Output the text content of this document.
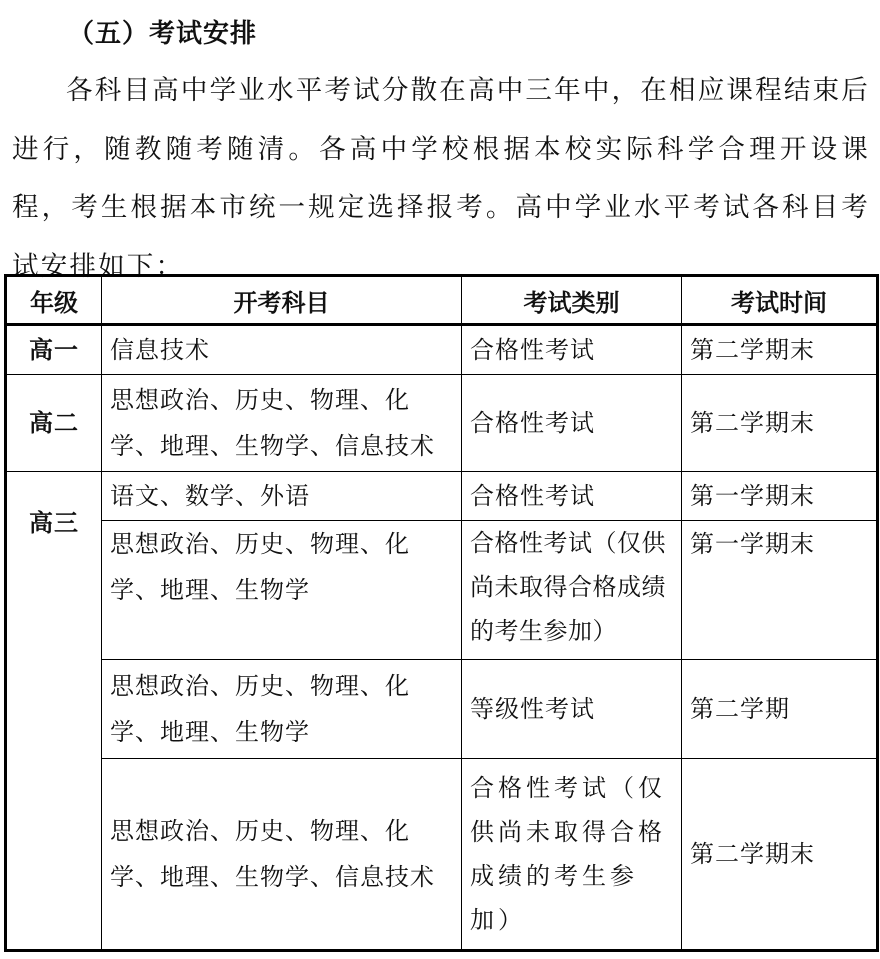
（五）考试安排

各科目高中学业水平考试分散在高中三年中，在相应课程结束后进行，随教随考随清。各高中学校根据本校实际科学合理开设课程，考生根据本市统一规定选择报考。高中学业水平考试各科目考试安排如下：

年级	开考科目	考试类别	考试时间
高一	信息技术	合格性考试	第二学期末
高二	思想政治、历史、物理、化学、地理、生物学、信息技术	合格性考试	第二学期末
高三	语文、数学、外语	合格性考试	第一学期末
	思想政治、历史、物理、化学、地理、生物学	合格性考试（仅供尚未取得合格成绩的考生参加）	第一学期末
	思想政治、历史、物理、化学、地理、生物学	等级性考试	第二学期
	思想政治、历史、物理、化学、地理、生物学、信息技术	合格性考试（仅供尚未取得合格成绩的考生参加）	第二学期末
